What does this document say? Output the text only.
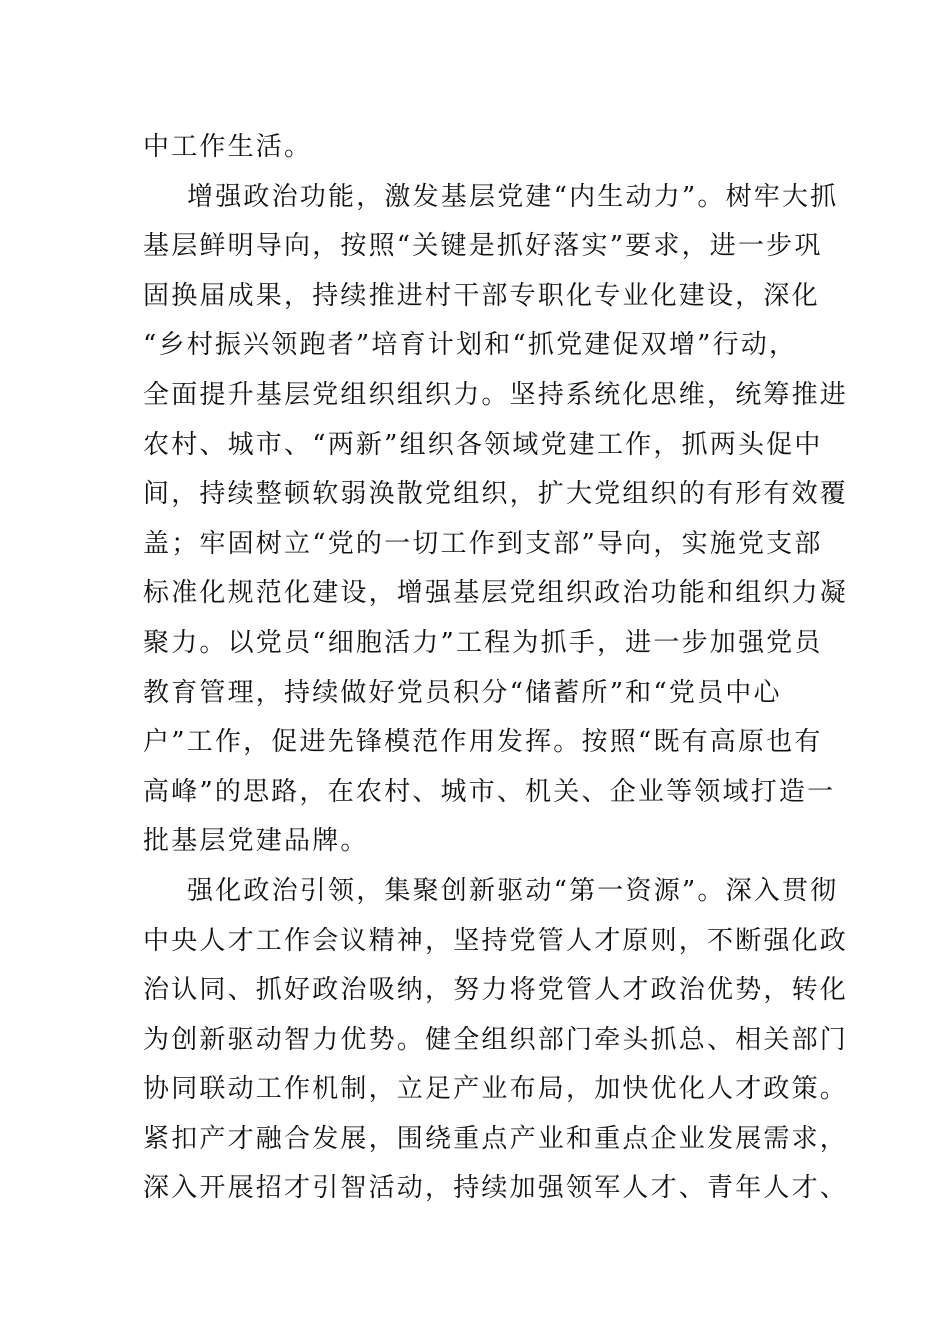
中工作生活。
增强政治功能，激发基层党建“内生动力”。树牢大抓
基层鲜明导向，按照“关键是抓好落实”要求，进一步巩
固换届成果，持续推进村干部专职化专业化建设，深化
“乡村振兴领跑者”培育计划和“抓党建促双增”行动，
全面提升基层党组织组织力。坚持系统化思维，统筹推进
农村、城市、“两新”组织各领域党建工作，抓两头促中
间，持续整顿软弱涣散党组织，扩大党组织的有形有效覆
盖；牢固树立“党的一切工作到支部”导向，实施党支部
标准化规范化建设，增强基层党组织政治功能和组织力凝
聚力。以党员“细胞活力”工程为抓手，进一步加强党员
教育管理，持续做好党员积分“储蓄所”和“党员中心
户”工作，促进先锋模范作用发挥。按照“既有高原也有
高峰”的思路，在农村、城市、机关、企业等领域打造一
批基层党建品牌。
强化政治引领，集聚创新驱动“第一资源”。深入贯彻
中央人才工作会议精神，坚持党管人才原则，不断强化政
治认同、抓好政治吸纳，努力将党管人才政治优势，转化
为创新驱动智力优势。健全组织部门牵头抓总、相关部门
协同联动工作机制，立足产业布局，加快优化人才政策。
紧扣产才融合发展，围绕重点产业和重点企业发展需求，
深入开展招才引智活动，持续加强领军人才、青年人才、
